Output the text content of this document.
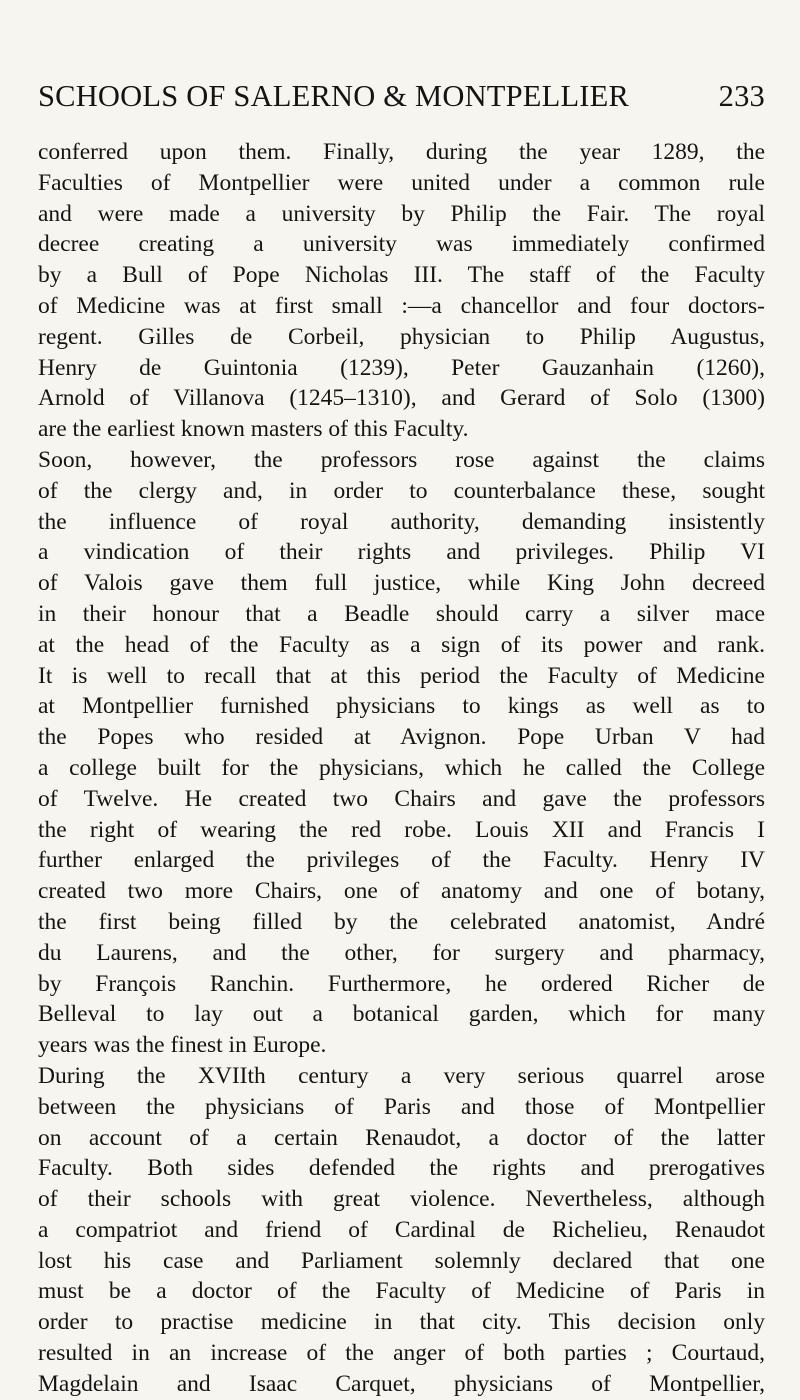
SCHOOLS OF SALERNO & MONTPELLIER	233
conferred upon them. Finally, during the year 1289, the
Faculties of Montpellier were united under a common rule
and were made a university by Philip the Fair. The royal
decree creating a university was immediately confirmed
by a Bull of Pope Nicholas III. The staff of the Faculty
of Medicine was at first small :—a chancellor and four doctors-
regent. Gilles de Corbeil, physician to Philip Augustus,
Henry de Guintonia (1239), Peter Gauzanhain (1260),
Arnold of Villanova (1245–1310), and Gerard of Solo (1300)
are the earliest known masters of this Faculty.
Soon, however, the professors rose against the claims
of the clergy and, in order to counterbalance these, sought
the influence of royal authority, demanding insistently
a vindication of their rights and privileges. Philip VI
of Valois gave them full justice, while King John decreed
in their honour that a Beadle should carry a silver mace
at the head of the Faculty as a sign of its power and rank.
It is well to recall that at this period the Faculty of Medicine
at Montpellier furnished physicians to kings as well as to
the Popes who resided at Avignon. Pope Urban V had
a college built for the physicians, which he called the College
of Twelve. He created two Chairs and gave the professors
the right of wearing the red robe. Louis XII and Francis I
further enlarged the privileges of the Faculty. Henry IV
created two more Chairs, one of anatomy and one of botany,
the first being filled by the celebrated anatomist, André
du Laurens, and the other, for surgery and pharmacy,
by François Ranchin. Furthermore, he ordered Richer de
Belleval to lay out a botanical garden, which for many
years was the finest in Europe.
During the XVIIth century a very serious quarrel arose
between the physicians of Paris and those of Montpellier
on account of a certain Renaudot, a doctor of the latter
Faculty. Both sides defended the rights and prerogatives
of their schools with great violence. Nevertheless, although
a compatriot and friend of Cardinal de Richelieu, Renaudot
lost his case and Parliament solemnly declared that one
must be a doctor of the Faculty of Medicine of Paris in
order to practise medicine in that city. This decision only
resulted in an increase of the anger of both parties ; Courtaud,
Magdelain and Isaac Carquet, physicians of Montpellier,
